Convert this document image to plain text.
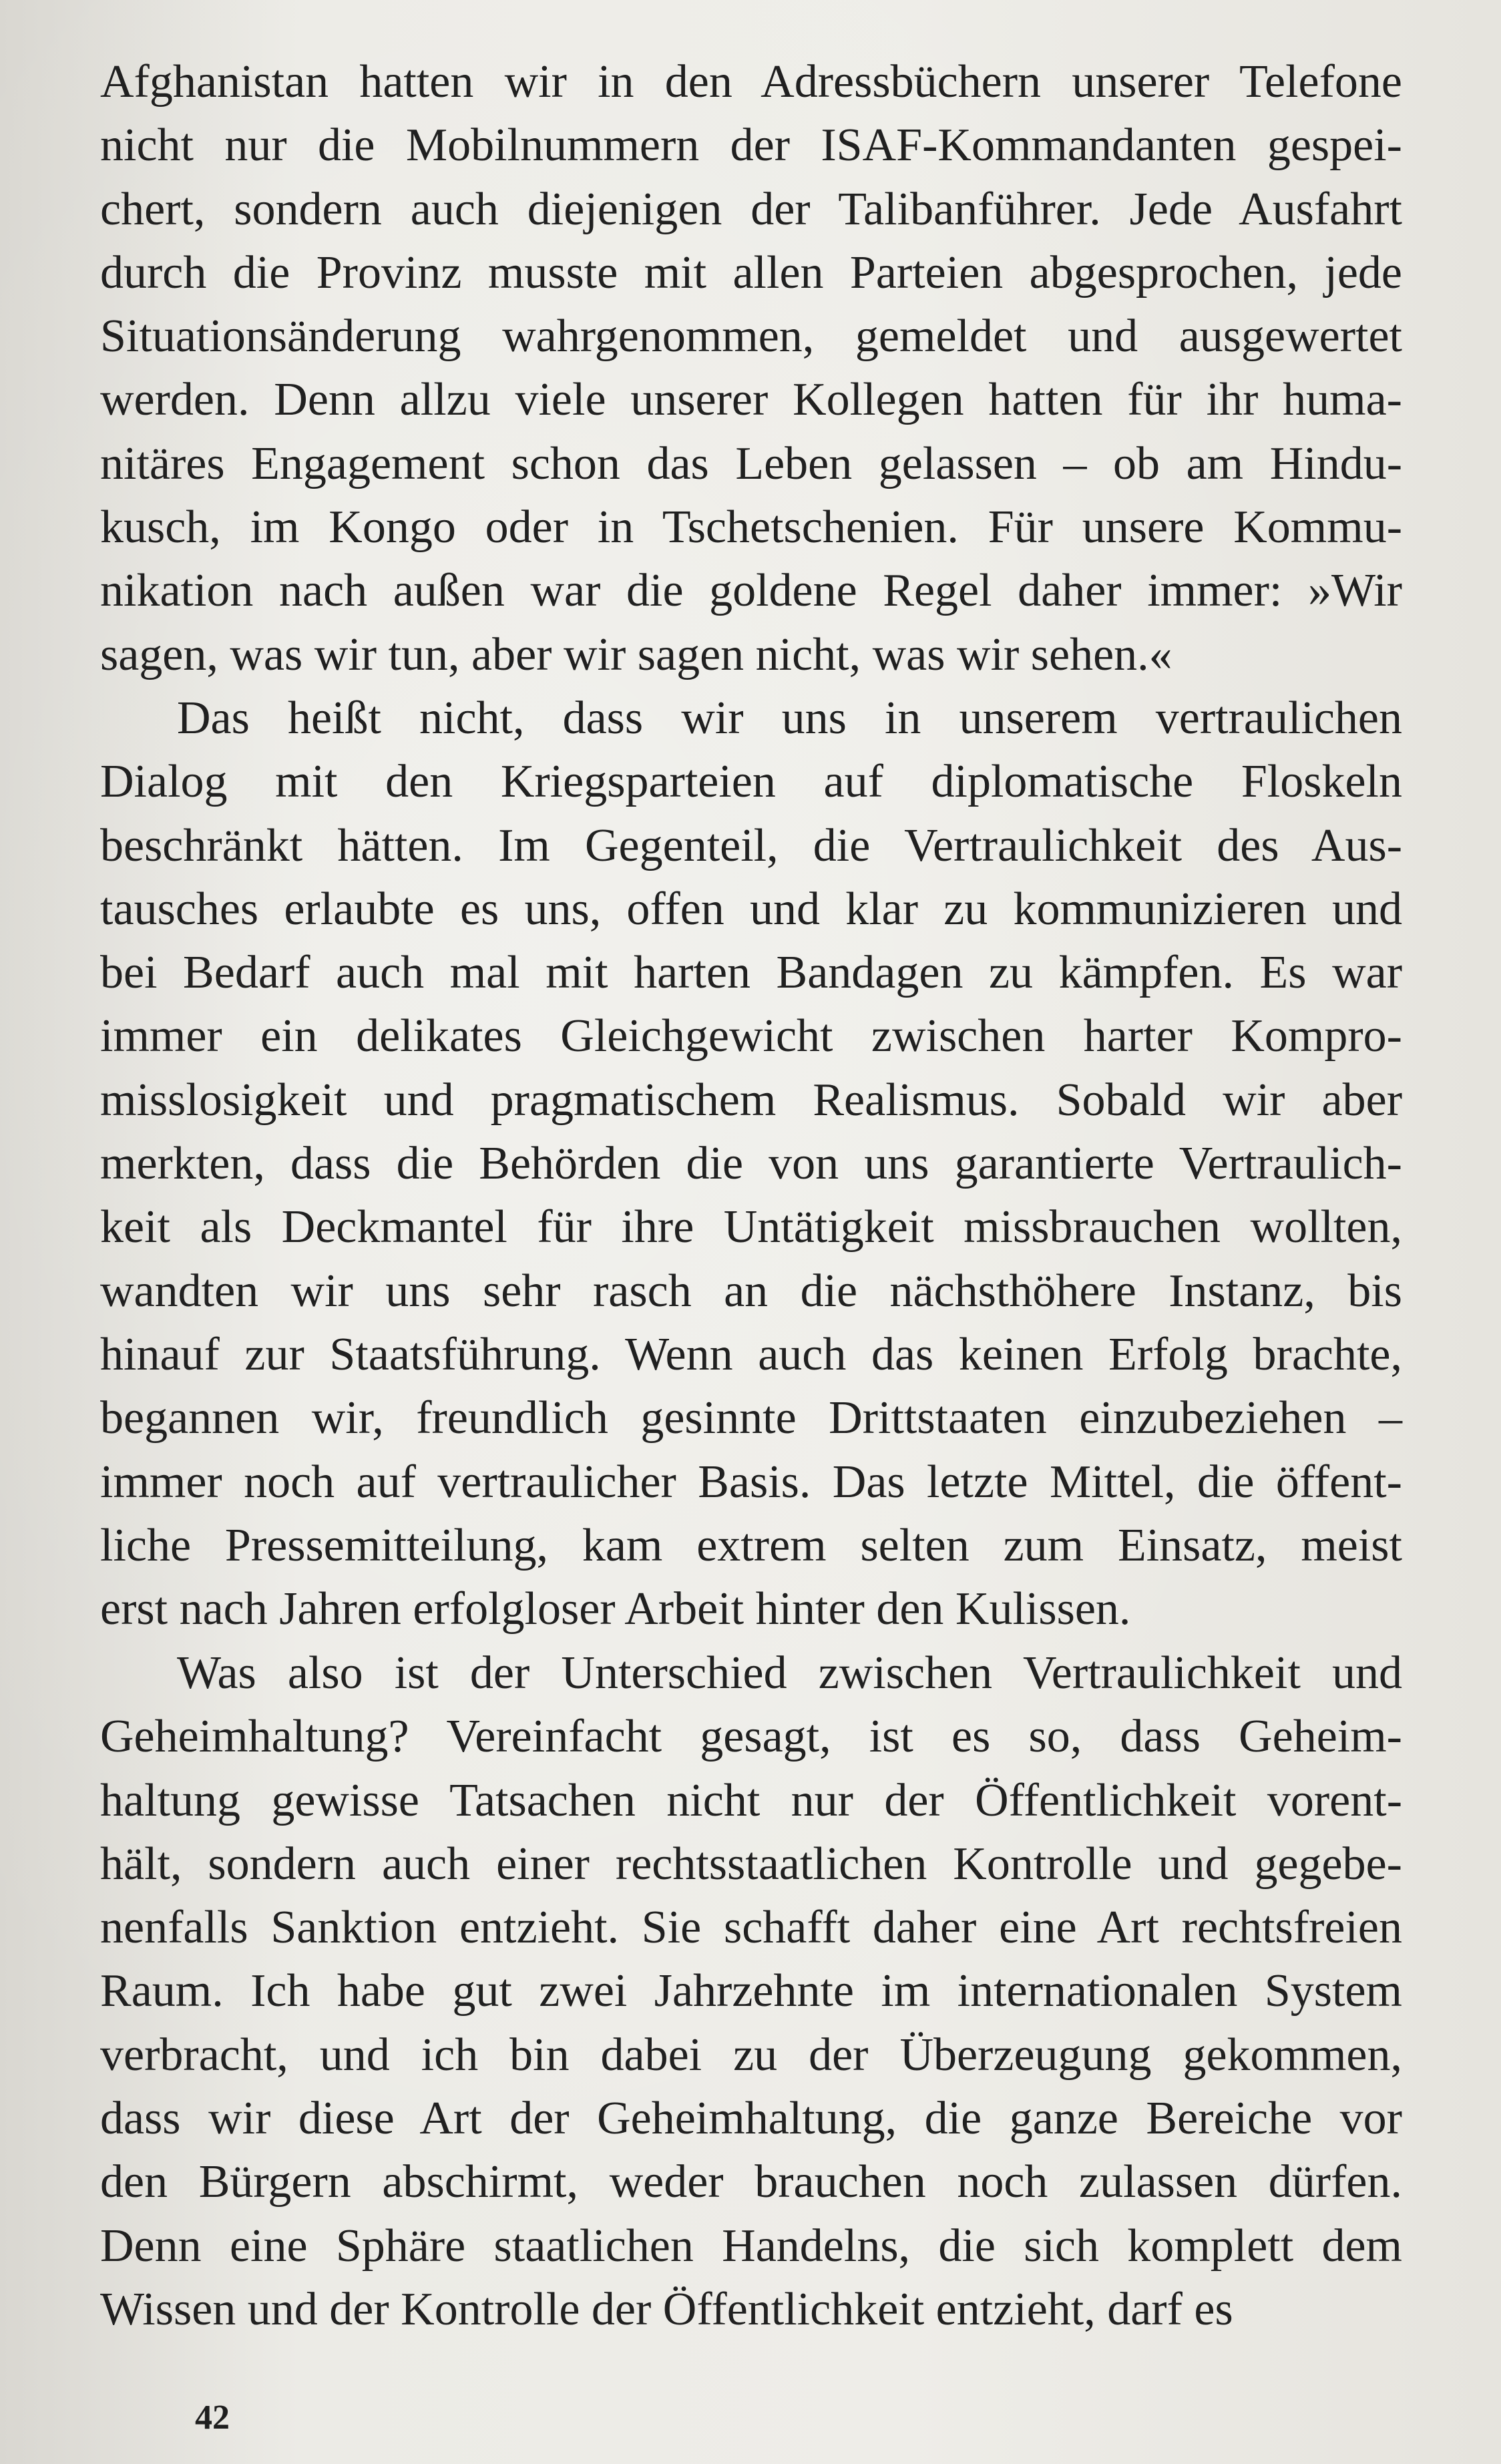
Afghanistan hatten wir in den Adressbüchern unserer Telefone
nicht nur die Mobilnummern der ISAF-Kommandanten gespei-
chert, sondern auch diejenigen der Talibanführer. Jede Ausfahrt
durch die Provinz musste mit allen Parteien abgesprochen, jede
Situationsänderung wahrgenommen, gemeldet und ausgewertet
werden. Denn allzu viele unserer Kollegen hatten für ihr huma-
nitäres Engagement schon das Leben gelassen – ob am Hindu-
kusch, im Kongo oder in Tschetschenien. Für unsere Kommu-
nikation nach außen war die goldene Regel daher immer: »Wir
sagen, was wir tun, aber wir sagen nicht, was wir sehen.«
Das heißt nicht, dass wir uns in unserem vertraulichen
Dialog mit den Kriegsparteien auf diplomatische Floskeln
beschränkt hätten. Im Gegenteil, die Vertraulichkeit des Aus-
tausches erlaubte es uns, offen und klar zu kommunizieren und
bei Bedarf auch mal mit harten Bandagen zu kämpfen. Es war
immer ein delikates Gleichgewicht zwischen harter Kompro-
misslosigkeit und pragmatischem Realismus. Sobald wir aber
merkten, dass die Behörden die von uns garantierte Vertraulich-
keit als Deckmantel für ihre Untätigkeit missbrauchen wollten,
wandten wir uns sehr rasch an die nächsthöhere Instanz, bis
hinauf zur Staatsführung. Wenn auch das keinen Erfolg brachte,
begannen wir, freundlich gesinnte Drittstaaten einzubeziehen –
immer noch auf vertraulicher Basis. Das letzte Mittel, die öffent-
liche Pressemitteilung, kam extrem selten zum Einsatz, meist
erst nach Jahren erfolgloser Arbeit hinter den Kulissen.
Was also ist der Unterschied zwischen Vertraulichkeit und
Geheimhaltung? Vereinfacht gesagt, ist es so, dass Geheim-
haltung gewisse Tatsachen nicht nur der Öffentlichkeit vorent-
hält, sondern auch einer rechtsstaatlichen Kontrolle und gegebe-
nenfalls Sanktion entzieht. Sie schafft daher eine Art rechtsfreien
Raum. Ich habe gut zwei Jahrzehnte im internationalen System
verbracht, und ich bin dabei zu der Überzeugung gekommen,
dass wir diese Art der Geheimhaltung, die ganze Bereiche vor
den Bürgern abschirmt, weder brauchen noch zulassen dürfen.
Denn eine Sphäre staatlichen Handelns, die sich komplett dem
Wissen und der Kontrolle der Öffentlichkeit entzieht, darf es
42
